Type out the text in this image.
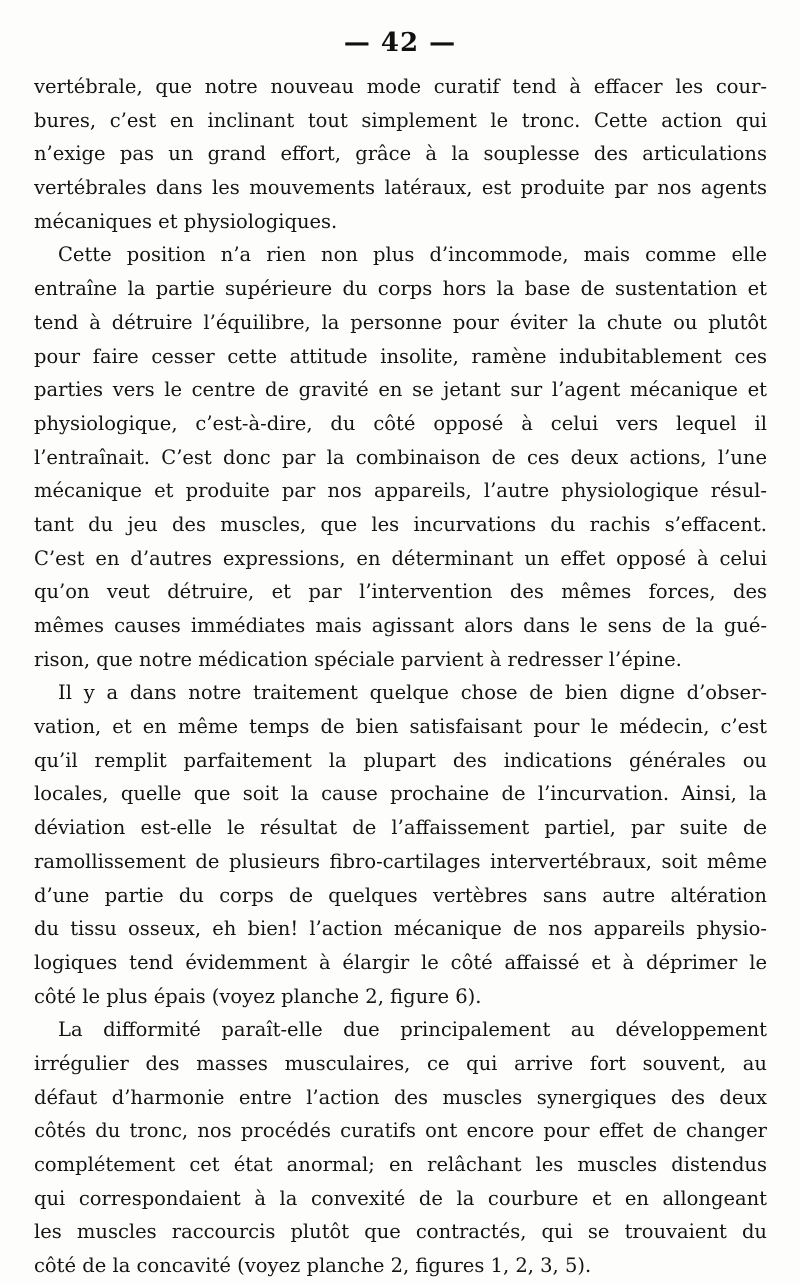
— 42 —
vertébrale, que notre nouveau mode curatif tend à effacer les cour-
bures, c’est en inclinant tout simplement le tronc. Cette action qui
n’exige pas un grand effort, grâce à la souplesse des articulations
vertébrales dans les mouvements latéraux, est produite par nos agents
mécaniques et physiologiques.
Cette position n’a rien non plus d’incommode, mais comme elle
entraîne la partie supérieure du corps hors la base de sustentation et
tend à détruire l’équilibre, la personne pour éviter la chute ou plutôt
pour faire cesser cette attitude insolite, ramène indubitablement ces
parties vers le centre de gravité en se jetant sur l’agent mécanique et
physiologique, c’est-à-dire, du côté opposé à celui vers lequel il
l’entraînait. C’est donc par la combinaison de ces deux actions, l’une
mécanique et produite par nos appareils, l’autre physiologique résul-
tant du jeu des muscles, que les incurvations du rachis s’effacent.
C’est en d’autres expressions, en déterminant un effet opposé à celui
qu’on veut détruire, et par l’intervention des mêmes forces, des
mêmes causes immédiates mais agissant alors dans le sens de la gué-
rison, que notre médication spéciale parvient à redresser l’épine.
Il y a dans notre traitement quelque chose de bien digne d’obser-
vation, et en même temps de bien satisfaisant pour le médecin, c’est
qu’il remplit parfaitement la plupart des indications générales ou
locales, quelle que soit la cause prochaine de l’incurvation. Ainsi, la
déviation est-elle le résultat de l’affaissement partiel, par suite de
ramollissement de plusieurs fibro-cartilages intervertébraux, soit même
d’une partie du corps de quelques vertèbres sans autre altération
du tissu osseux, eh bien! l’action mécanique de nos appareils physio-
logiques tend évidemment à élargir le côté affaissé et à déprimer le
côté le plus épais (voyez planche 2, figure 6).
La difformité paraît-elle due principalement au développement
irrégulier des masses musculaires, ce qui arrive fort souvent, au
défaut d’harmonie entre l’action des muscles synergiques des deux
côtés du tronc, nos procédés curatifs ont encore pour effet de changer
complétement cet état anormal; en relâchant les muscles distendus
qui correspondaient à la convexité de la courbure et en allongeant
les muscles raccourcis plutôt que contractés, qui se trouvaient du
côté de la concavité (voyez planche 2, figures 1, 2, 3, 5).
